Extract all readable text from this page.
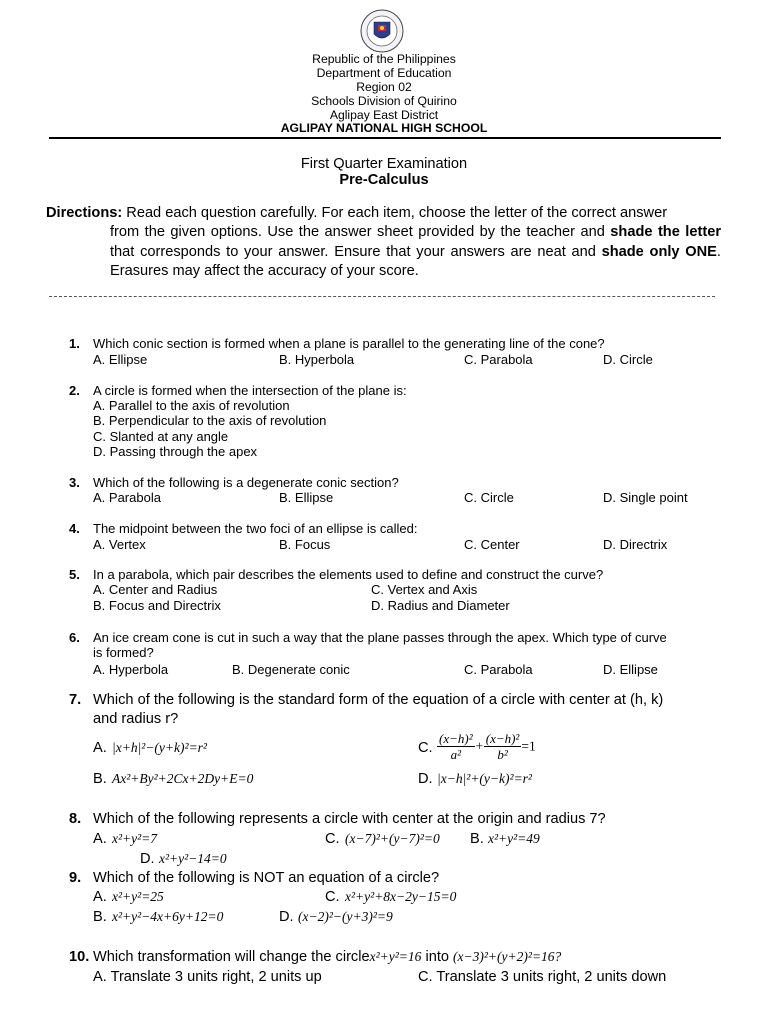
Republic of the Philippines
Department of Education
Region 02
Schools Division of Quirino
Aglipay East District
AGLIPAY NATIONAL HIGH SCHOOL
First Quarter Examination
Pre-Calculus
Directions: Read each question carefully. For each item, choose the letter of the correct answer
from the given options. Use the answer sheet provided by the teacher and shade the letter that corresponds to your answer. Ensure that your answers are neat and shade only ONE. Erasures may affect the accuracy of your score.
1. Which conic section is formed when a plane is parallel to the generating line of the cone?
A. Ellipse	B. Hyperbola	C. Parabola	D. Circle
2. A circle is formed when the intersection of the plane is:
A. Parallel to the axis of revolution
B. Perpendicular to the axis of revolution
C. Slanted at any angle
D. Passing through the apex
3. Which of the following is a degenerate conic section?
A. Parabola	B. Ellipse	C. Circle	D. Single point
4. The midpoint between the two foci of an ellipse is called:
A. Vertex	B. Focus	C. Center	D. Directrix
5. In a parabola, which pair describes the elements used to define and construct the curve?
A. Center and Radius
B. Focus and Directrix
C. Vertex and Axis
D. Radius and Diameter
6. An ice cream cone is cut in such a way that the plane passes through the apex. Which type of curve
is formed?
A. Hyperbola	B. Degenerate conic	C. Parabola	D. Ellipse
7. Which of the following is the standard form of the equation of a circle with center at (h, k)
and radius r?
A. |x+h|²−(y+k)²=r²
B. Ax²+By²+2Cx+2Dy+E=0
C. $\frac{\text{(x−h)²}}{\text{a²}} + \frac{\text{(x−h)²}}{\text{b²}} =1$
D. |x−h|²+(y−k)²=r²
8. Which of the following represents a circle with center at the origin and radius 7?
A. x²+y²=7	C. (x−7)²+(y−7)²=0 B. x²+y²=49
D. x²+y²−14=0
9. Which of the following is NOT an equation of a circle?
A. x²+y²=25	C. x²+y²+8x−2y−15=0
B. x²+y²−4x+6y+12=0	D. (x−2)²−(y+3)²=9
10. Which transformation will change the circlex²+y²=16 into (x−3)²+(y+2)²=16?
A. Translate 3 units right, 2 units up	C. Translate 3 units right, 2 units down
